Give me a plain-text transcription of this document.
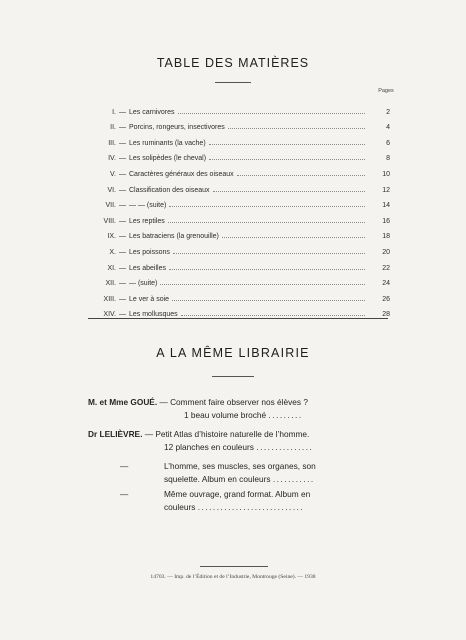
TABLE DES MATIÈRES
Pages
I. — Les carnivores	2
II. — Porcins, rongeurs, insectivores	4
III. — Les ruminants (la vache)	6
IV. — Les solipèdes (le cheval)	8
V. — Caractères généraux des oiseaux	10
VI. — Classification des oiseaux	12
VII. — — — (suite)	14
VIII. — Les reptiles	16
IX. — Les batraciens (la grenouille)	18
X. — Les poissons	20
XI. — Les abeilles	22
XII. — — (suite)	24
XIII. — Le ver à soie	26
XIV. — Les mollusques	28
A LA MÊME LIBRAIRIE
M. et Mme GOUÉ. — Comment faire observer nos élèves ?
1 beau volume broché .........
Dr LELIÈVRE. — Petit Atlas d’histoire naturelle de l’homme.
12 planches en couleurs ...............
—	L’homme, ses muscles, ses organes, son
squelette. Album en couleurs ...........
—	Même ouvrage, grand format. Album en
couleurs ............................
14703. — Imp. de l’Édition et de l’Industrie, Montrouge (Seine). — 1938
